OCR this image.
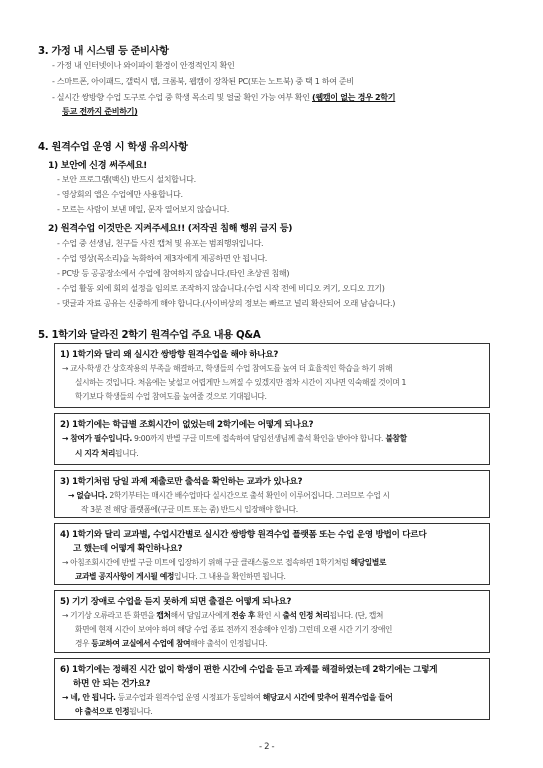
3. 가정 내 시스템 등 준비사항
- 가정 내 인터넷이나 와이파이 환경이 안정적인지 확인
- 스마트폰, 아이패드, 갤럭시 탭, 크롬북, 웹캠이 장착된 PC(또는 노트북) 중 택 1 하여 준비
- 실시간 쌍방향 수업 도구로 수업 중 학생 목소리 및 얼굴 확인 가능 여부 확인 (웹캠이 없는 경우 2학기
등교 전까지 준비하기)
4. 원격수업 운영 시 학생 유의사항
1) 보안에 신경 써주세요!
- 보안 프로그램(백신) 반드시 설치합니다.
- 영상회의 앱은 수업에만 사용합니다.
- 모르는 사람이 보낸 메일, 문자 열어보지 않습니다.
2) 원격수업 이것만은 지켜주세요!! (저작권 침해 행위 금지 등)
- 수업 중 선생님, 친구들 사진 캡처 및 유포는 범죄행위입니다.
- 수업 영상(목소리)을 녹화하여 제3자에게 제공하면 안 됩니다.
- PC방 등 공공장소에서 수업에 참여하지 않습니다.(타인 초상권 침해)
- 수업 활동 외에 회의 설정을 임의로 조작하지 않습니다.(수업 시작 전에 비디오 켜기, 오디오 끄기)
- 댓글과 자료 공유는 신중하게 해야 합니다.(사이버상의 정보는 빠르고 널리 확산되어 오래 남습니다.)
5. 1학기와 달라진 2학기 원격수업 주요 내용 Q&A
1) 1학기와 달리 왜 실시간 쌍방향 원격수업을 해야 하나요?
→ 교사-학생 간 상호작용의 부족을 해결하고, 학생들의 수업 참여도를 높여 더 효율적인 학습을 하기 위해
실시하는 것입니다. 처음에는 낯설고 어렵게만 느껴질 수 있겠지만 점차 시간이 지나면 익숙해질 것이며 1
학기보다 학생들의 수업 참여도를 높여줄 것으로 기대됩니다.
2) 1학기에는 학급별 조회시간이 없었는데 2학기에는 어떻게 되나요?
→ 참여가 필수입니다. 9:00까지 반별 구글 미트에 접속하여 담임선생님께 출석 확인을 받아야 합니다. 불참할
시 지각 처리됩니다.
3) 1학기처럼 당일 과제 제출로만 출석을 확인하는 교과가 있나요?
→ 없습니다. 2학기부터는 매시간 배수업마다 실시간으로 출석 확인이 이루어집니다. 그러므로 수업 시
작 3분 전 해당 플랫폼에(구글 미트 또는 줌) 반드시 입장해야 합니다.
4) 1학기와 달리 교과별, 수업시간별로 실시간 쌍방향 원격수업 플랫폼 또는 수업 운영 방법이 다르다
고 했는데 어떻게 확인하나요?
→ 아침조회시간에 반별 구글 미트에 입장하기 위해 구글 클래스룸으로 접속하면 1학기처럼 해당일별로
교과별 공지사항이 게시될 예정입니다. 그 내용을 확인하면 됩니다.
5) 기기 장애로 수업을 듣지 못하게 되면 출결은 어떻게 되나요?
→ 기기상 오류라고 뜬 화면을 캡처해서 담임교사에게 전송 후 확인 시 출석 인정 처리됩니다. (단, 캡쳐
화면에 현재 시간이 보여야 하며 해당 수업 종료 전까지 전송해야 인정) 그런데 오랜 시간 기기 장애인
경우 등교하여 교실에서 수업에 참여해야 출석이 인정됩니다.
6) 1학기에는 정해진 시간 없이 학생이 편한 시간에 수업을 듣고 과제를 해결하였는데 2학기에는 그렇게
하면 안 되는 건가요?
→ 네, 안 됩니다. 등교수업과 원격수업 운영 시정표가 동일하여 해당교시 시간에 맞추어 원격수업을 들어
야 출석으로 인정됩니다.
- 2 -
